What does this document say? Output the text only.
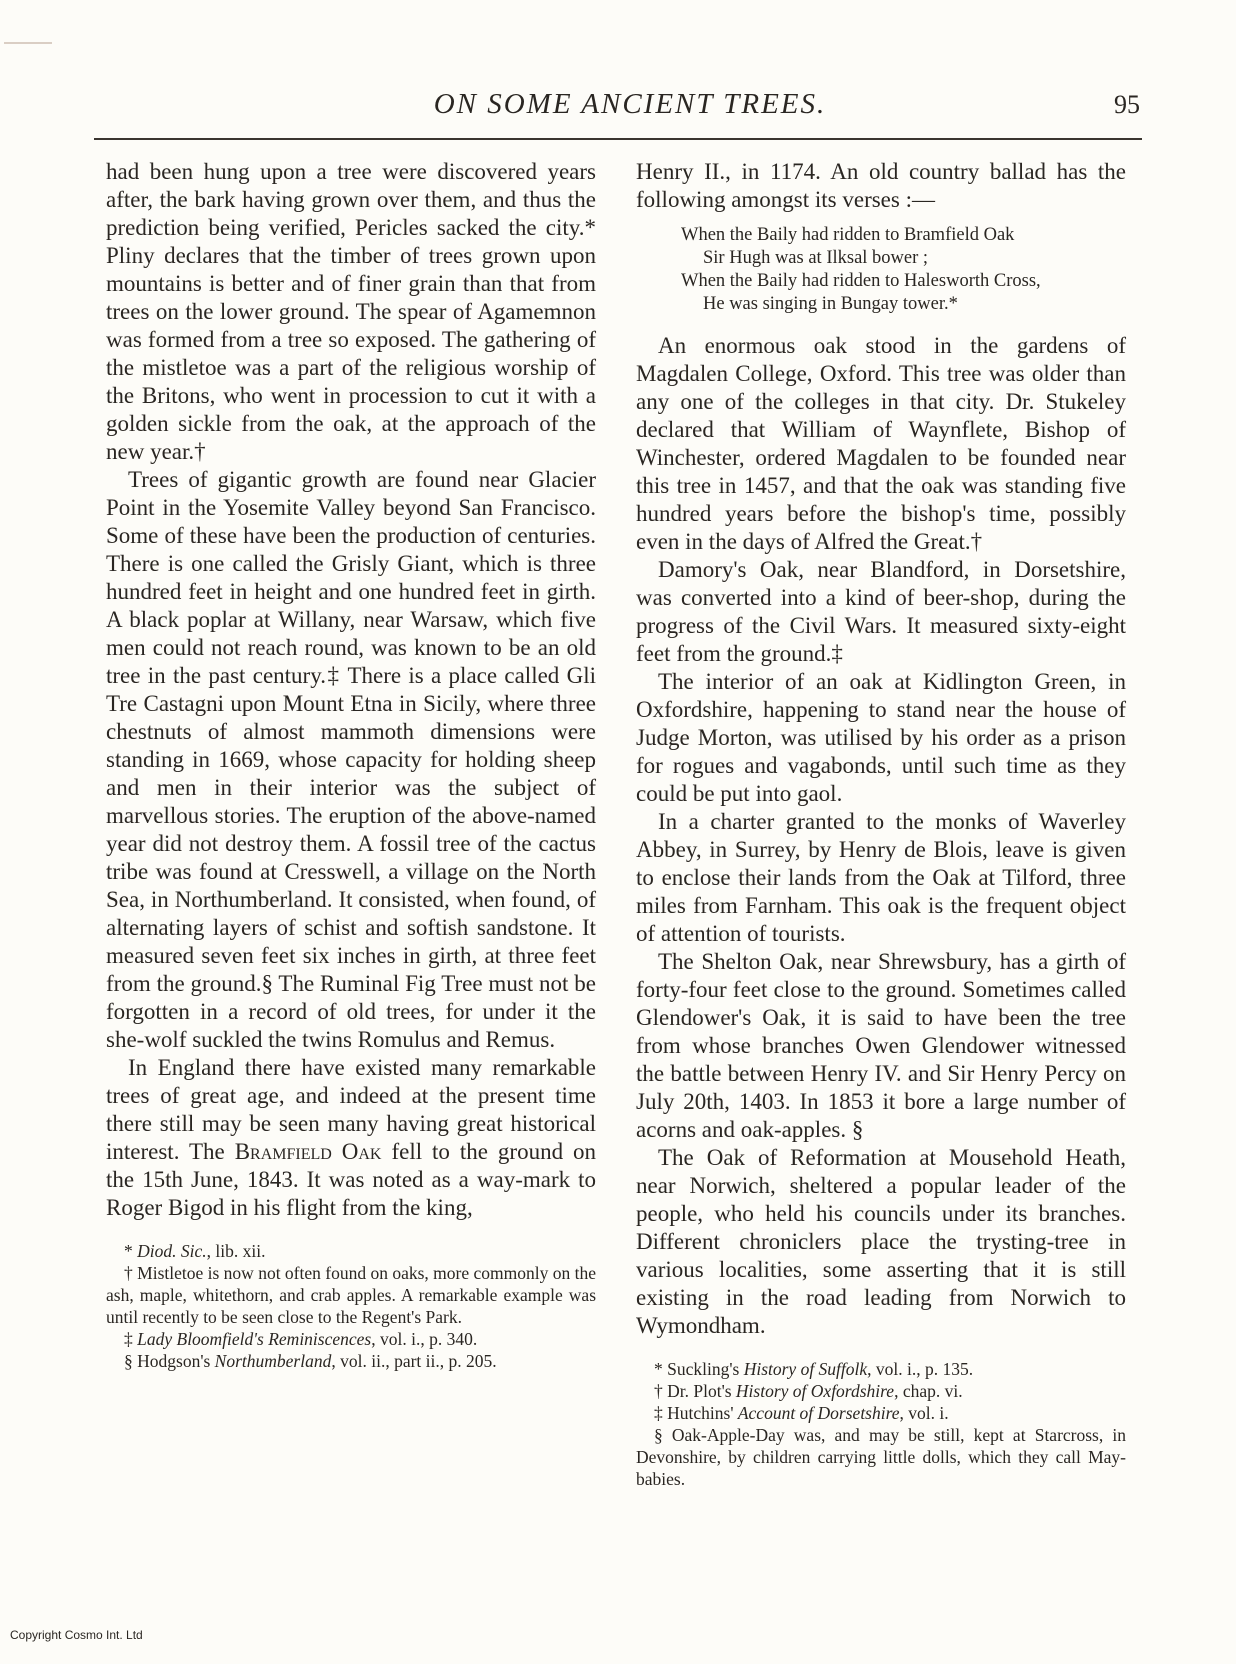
ON SOME ANCIENT TREES.	95

had been hung upon a tree were discovered years after, the bark having grown over them, and thus the prediction being verified, Pericles sacked the city.* Pliny declares that the timber of trees grown upon mountains is better and of finer grain than that from trees on the lower ground. The spear of Agamemnon was formed from a tree so exposed. The gathering of the mistletoe was a part of the religious worship of the Britons, who went in procession to cut it with a golden sickle from the oak, at the approach of the new year.†

Trees of gigantic growth are found near Glacier Point in the Yosemite Valley beyond San Francisco. Some of these have been the production of centuries. There is one called the Grisly Giant, which is three hundred feet in height and one hundred feet in girth. A black poplar at Willany, near Warsaw, which five men could not reach round, was known to be an old tree in the past century.‡ There is a place called Gli Tre Castagni upon Mount Etna in Sicily, where three chestnuts of almost mammoth dimensions were standing in 1669, whose capacity for holding sheep and men in their interior was the subject of marvellous stories. The eruption of the above-named year did not destroy them. A fossil tree of the cactus tribe was found at Cresswell, a village on the North Sea, in Northumberland. It consisted, when found, of alternating layers of schist and softish sandstone. It measured seven feet six inches in girth, at three feet from the ground.§ The Ruminal Fig Tree must not be forgotten in a record of old trees, for under it the she-wolf suckled the twins Romulus and Remus.

In England there have existed many remarkable trees of great age, and indeed at the present time there still may be seen many having great historical interest. The Bramfield Oak fell to the ground on the 15th June, 1843. It was noted as a way-mark to Roger Bigod in his flight from the king,

* Diod. Sic., lib. xii.

† Mistletoe is now not often found on oaks, more commonly on the ash, maple, whitethorn, and crab apples. A remarkable example was until recently to be seen close to the Regent's Park.

‡ Lady Bloomfield's Reminiscences, vol. i., p. 340.

§ Hodgson's Northumberland, vol. ii., part ii., p. 205.

Henry II., in 1174. An old country ballad has the following amongst its verses :—

When the Baily had ridden to Bramfield Oak
Sir Hugh was at Ilksal bower ;
When the Baily had ridden to Halesworth Cross,
He was singing in Bungay tower.*

An enormous oak stood in the gardens of Magdalen College, Oxford. This tree was older than any one of the colleges in that city. Dr. Stukeley declared that William of Waynflete, Bishop of Winchester, ordered Magdalen to be founded near this tree in 1457, and that the oak was standing five hundred years before the bishop's time, possibly even in the days of Alfred the Great.†

Damory's Oak, near Blandford, in Dorsetshire, was converted into a kind of beer-shop, during the progress of the Civil Wars. It measured sixty-eight feet from the ground.‡

The interior of an oak at Kidlington Green, in Oxfordshire, happening to stand near the house of Judge Morton, was utilised by his order as a prison for rogues and vagabonds, until such time as they could be put into gaol.

In a charter granted to the monks of Waverley Abbey, in Surrey, by Henry de Blois, leave is given to enclose their lands from the Oak at Tilford, three miles from Farnham. This oak is the frequent object of attention of tourists.

The Shelton Oak, near Shrewsbury, has a girth of forty-four feet close to the ground. Sometimes called Glendower's Oak, it is said to have been the tree from whose branches Owen Glendower witnessed the battle between Henry IV. and Sir Henry Percy on July 20th, 1403. In 1853 it bore a large number of acorns and oak-apples. §

The Oak of Reformation at Mousehold Heath, near Norwich, sheltered a popular leader of the people, who held his councils under its branches. Different chroniclers place the trysting-tree in various localities, some asserting that it is still existing in the road leading from Norwich to Wymondham.

* Suckling's History of Suffolk, vol. i., p. 135.

† Dr. Plot's History of Oxfordshire, chap. vi.

‡ Hutchins' Account of Dorsetshire, vol. i.

§ Oak-Apple-Day was, and may be still, kept at Starcross, in Devonshire, by children carrying little dolls, which they call May-babies.

Copyright Cosmo Int. Ltd
